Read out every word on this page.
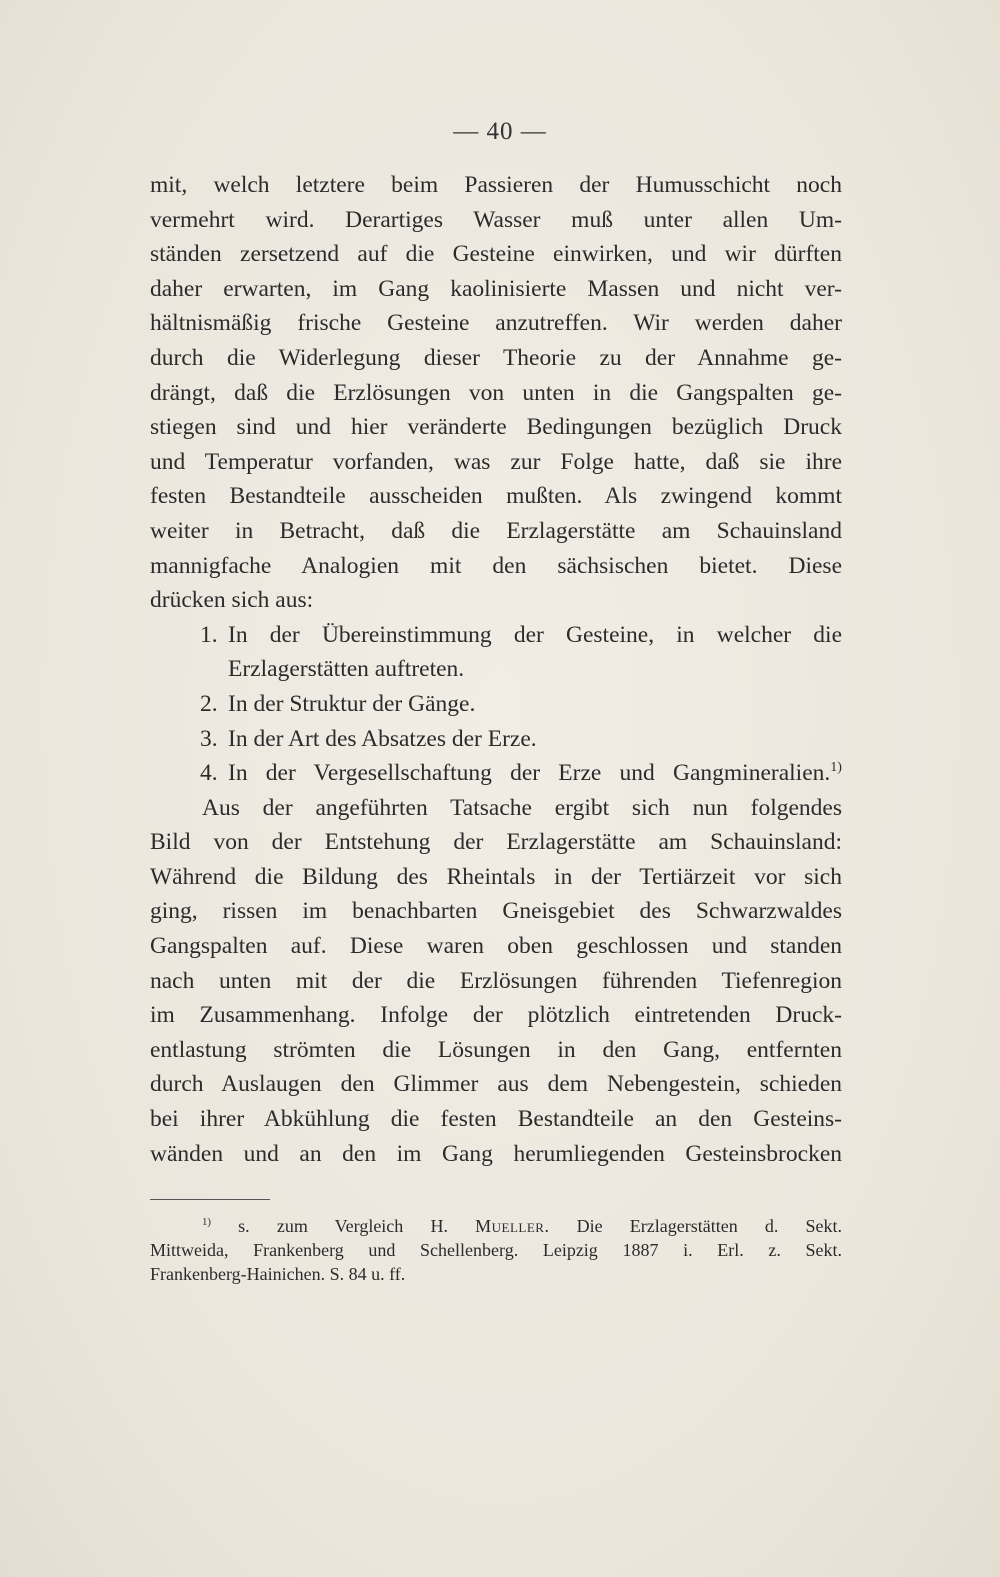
— 40 —
mit, welch letztere beim Passieren der Humusschicht noch
vermehrt wird. Derartiges Wasser muß unter allen Um-
ständen zersetzend auf die Gesteine einwirken, und wir dürften
daher erwarten, im Gang kaolinisierte Massen und nicht ver-
hältnismäßig frische Gesteine anzutreffen. Wir werden daher
durch die Widerlegung dieser Theorie zu der Annahme ge-
drängt, daß die Erzlösungen von unten in die Gangspalten ge-
stiegen sind und hier veränderte Bedingungen bezüglich Druck
und Temperatur vorfanden, was zur Folge hatte, daß sie ihre
festen Bestandteile ausscheiden mußten. Als zwingend kommt
weiter in Betracht, daß die Erzlagerstätte am Schauinsland
mannigfache Analogien mit den sächsischen bietet. Diese
drücken sich aus:
1. In der Übereinstimmung der Gesteine, in welcher die
Erzlagerstätten auftreten.
2. In der Struktur der Gänge.
3. In der Art des Absatzes der Erze.
4. In der Vergesellschaftung der Erze und Gangmineralien.$^{1)}$
Aus der angeführten Tatsache ergibt sich nun folgendes
Bild von der Entstehung der Erzlagerstätte am Schauinsland:
Während die Bildung des Rheintals in der Tertiärzeit vor sich
ging, rissen im benachbarten Gneisgebiet des Schwarzwaldes
Gangspalten auf. Diese waren oben geschlossen und standen
nach unten mit der die Erzlösungen führenden Tiefenregion
im Zusammenhang. Infolge der plötzlich eintretenden Druck-
entlastung strömten die Lösungen in den Gang, entfernten
durch Auslaugen den Glimmer aus dem Nebengestein, schieden
bei ihrer Abkühlung die festen Bestandteile an den Gesteins-
wänden und an den im Gang herumliegenden Gesteinsbrocken
$^{1)}$ s. zum Vergleich H. Mueller. Die Erzlagerstätten d. Sekt.
Mittweida, Frankenberg und Schellenberg. Leipzig 1887 i. Erl. z. Sekt.
Frankenberg-Hainichen. S. 84 u. ff.
